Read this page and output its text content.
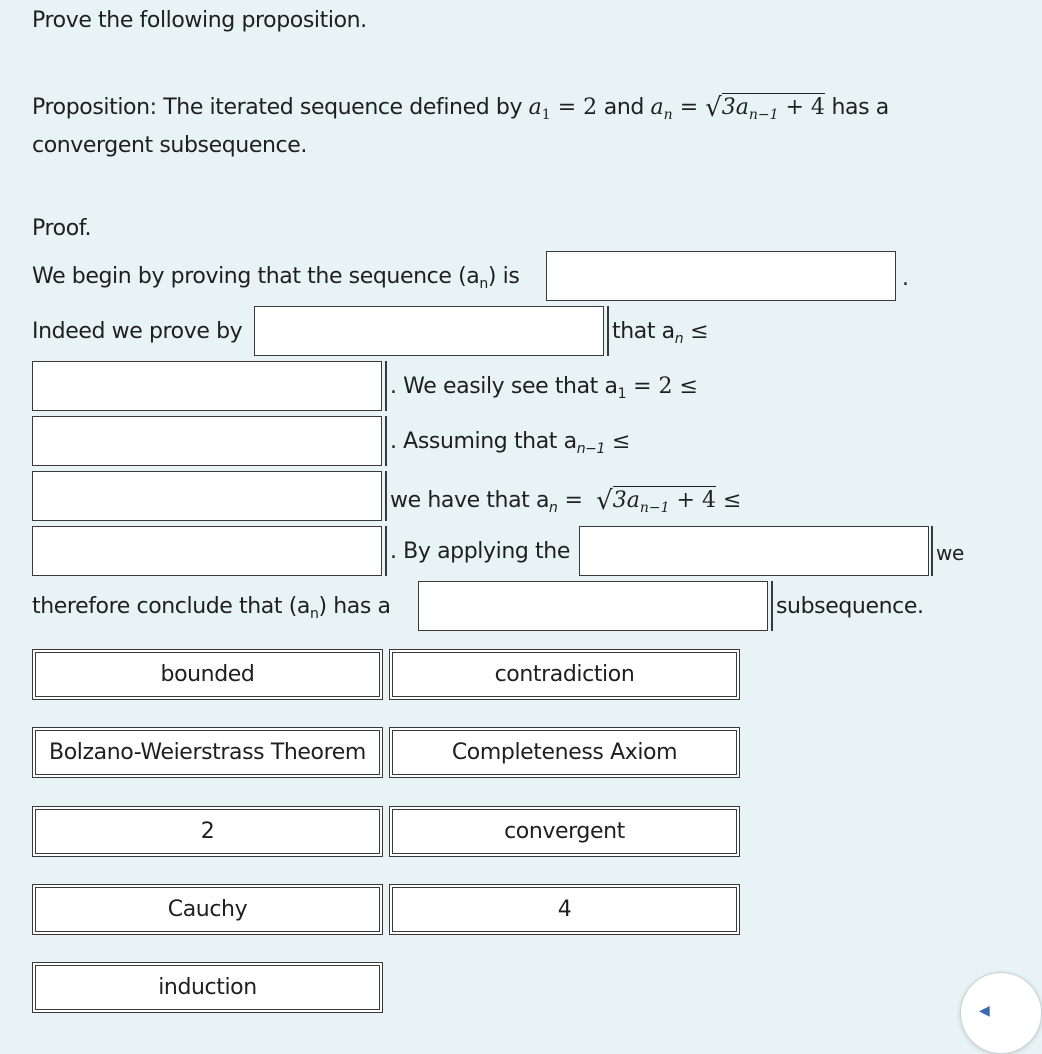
Prove the following proposition.
Proposition: The iterated sequence defined by $a_1 = 2$ and $a_n = √3a_{n-1} + 4$ has a
convergent subsequence.
Proof.
We begin by proving that the sequence $(a_n)$ is	.
Indeed we prove by	that $a_n$ ≤
. We easily see that $a_1 = 2$ ≤
. Assuming that $a_{n-1}$ ≤
we have that $a_n = √3a_{n-1} + 4$ ≤
. By applying the	we
therefore conclude that $(a_n)$ has a	subsequence.
bounded	contradiction
Bolzano-Weierstrass Theorem	Completeness Axiom
2	convergent
Cauchy	4
induction
◀
